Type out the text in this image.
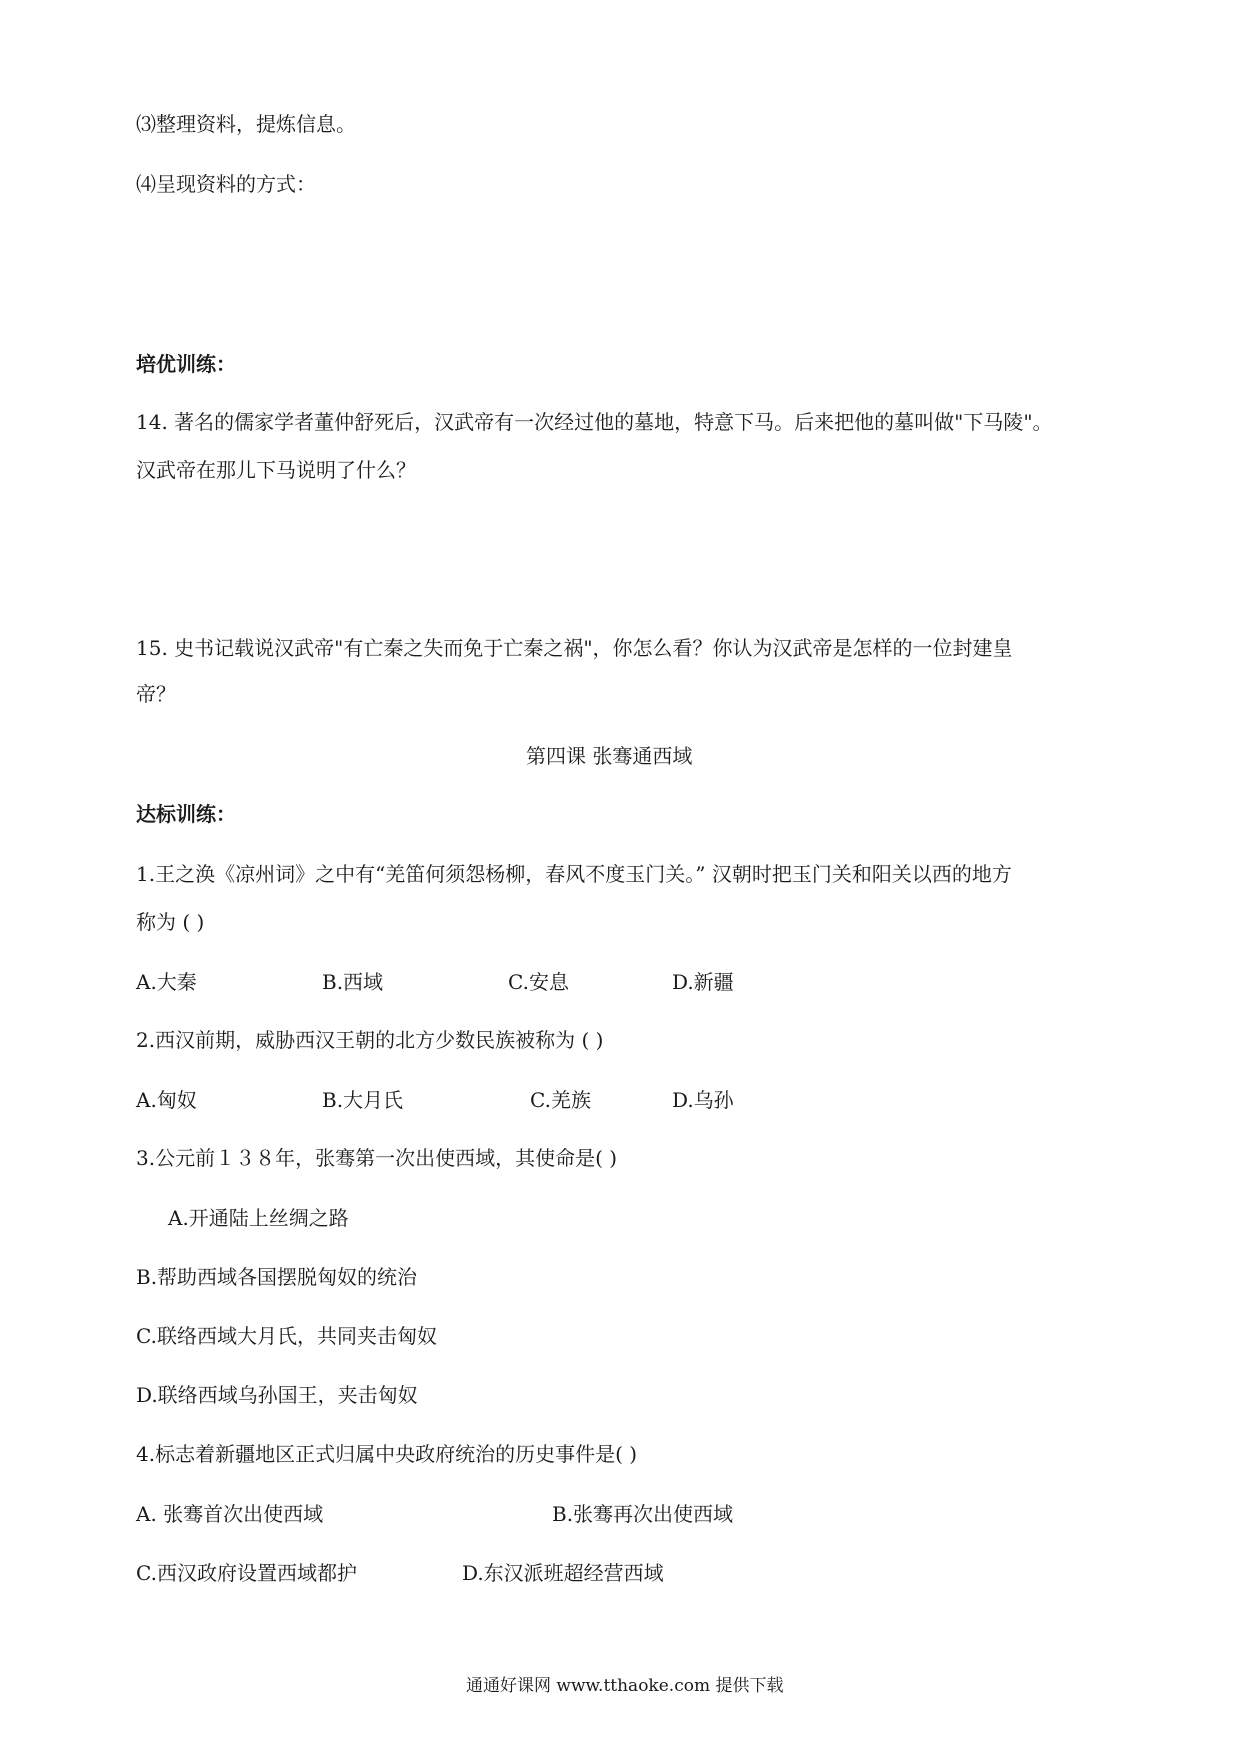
⑶整理资料，提炼信息。
⑷呈现资料的方式：
培优训练：
14. 著名的儒家学者董仲舒死后，汉武帝有一次经过他的墓地，特意下马。后来把他的墓叫做"下马陵"。
汉武帝在那儿下马说明了什么？
15. 史书记载说汉武帝"有亡秦之失而免于亡秦之祸"，你怎么看？你认为汉武帝是怎样的一位封建皇
帝？
第四课 张骞通西域
达标训练：
1.王之涣《凉州词》之中有“羌笛何须怨杨柳，春风不度玉门关。” 汉朝时把玉门关和阳关以西的地方
称为 ( )
A.大秦	B.西域	C.安息	D.新疆
2.西汉前期，威胁西汉王朝的北方少数民族被称为 ( )
A.匈奴	B.大月氏	C.羌族	D.乌孙
3.公元前１３８年，张骞第一次出使西域，其使命是( )
A.开通陆上丝绸之路
B.帮助西域各国摆脱匈奴的统治
C.联络西域大月氏，共同夹击匈奴
D.联络西域乌孙国王，夹击匈奴
4.标志着新疆地区正式归属中央政府统治的历史事件是( )
A. 张骞首次出使西域	B.张骞再次出使西域
C.西汉政府设置西域都护	D.东汉派班超经营西域
通通好课网 www.tthaoke.com 提供下载
